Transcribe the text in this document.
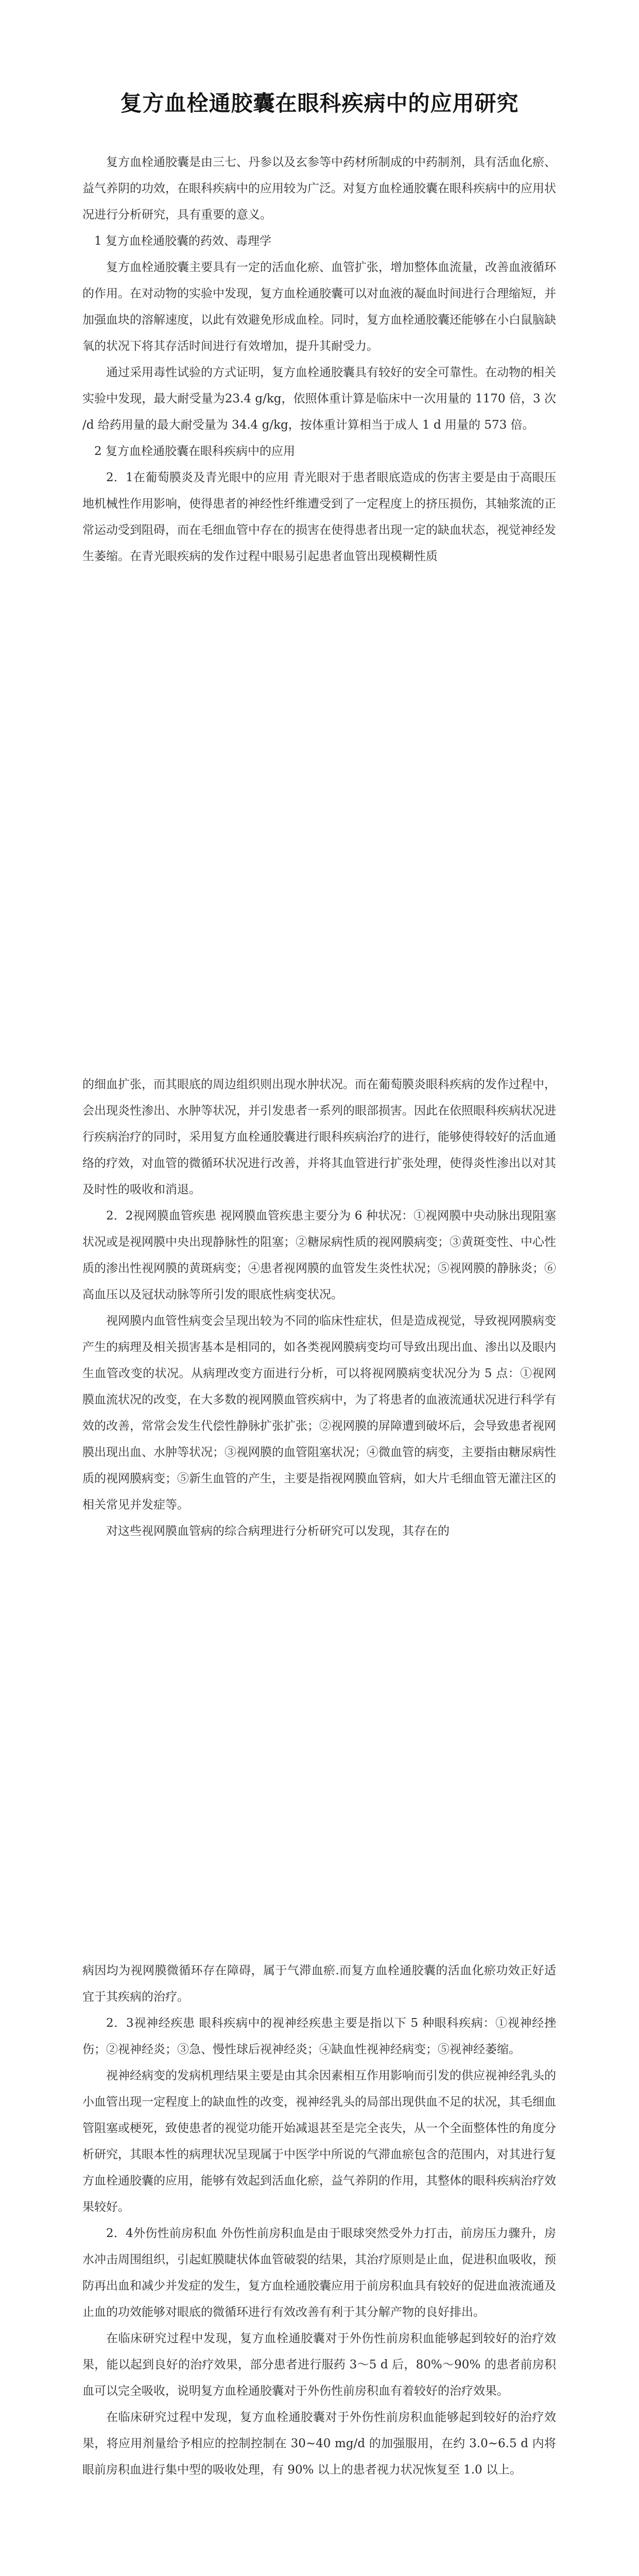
复方血栓通胶囊在眼科疾病中的应用研究

复方血栓通胶囊是由三七、丹参以及玄参等中药材所制成的中药制剂，具有活血化瘀、益气养阴的功效，在眼科疾病中的应用较为广泛。对复方血栓通胶囊在眼科疾病中的应用状况进行分析研究，具有重要的意义。

1 复方血栓通胶囊的药效、毒理学

复方血栓通胶囊主要具有一定的活血化瘀、血管扩张，增加整体血流量，改善血液循环的作用。在对动物的实验中发现，复方血栓通胶囊可以对血液的凝血时间进行合理缩短，并加强血块的溶解速度，以此有效避免形成血栓。同时，复方血栓通胶囊还能够在小白鼠脑缺氧的状况下将其存活时间进行有效增加，提升其耐受力。

通过采用毒性试验的方式证明，复方血栓通胶囊具有较好的安全可靠性。在动物的相关实验中发现，最大耐受量为23.4 g/kg，依照体重计算是临床中一次用量的 1170 倍，3 次 /d 给药用量的最大耐受量为 34.4 g/kg，按体重计算相当于成人 1 d 用量的 573 倍。

2 复方血栓通胶囊在眼科疾病中的应用

2．1在葡萄膜炎及青光眼中的应用 青光眼对于患者眼底造成的伤害主要是由于高眼压地机械性作用影响，使得患者的神经性纤维遭受到了一定程度上的挤压损伤，其轴浆流的正常运动受到阻碍，而在毛细血管中存在的损害在使得患者出现一定的缺血状态，视觉神经发生萎缩。在青光眼疾病的发作过程中眼易引起患者血管出现模糊性质

的细血扩张，而其眼底的周边组织则出现水肿状况。而在葡萄膜炎眼科疾病的发作过程中，会出现炎性渗出、水肿等状况，并引发患者一系列的眼部损害。因此在依照眼科疾病状况进行疾病治疗的同时，采用复方血栓通胶囊进行眼科疾病治疗的进行，能够使得较好的活血通络的疗效，对血管的微循环状况进行改善，并将其血管进行扩张处理，使得炎性渗出以对其及时性的吸收和消退。

2．2视网膜血管疾患 视网膜血管疾患主要分为 6 种状况：①视网膜中央动脉出现阻塞状况或是视网膜中央出现静脉性的阻塞；②糖尿病性质的视网膜病变；③黄斑变性、中心性质的渗出性视网膜的黄斑病变；④患者视网膜的血管发生炎性状况；⑤视网膜的静脉炎；⑥高血压以及冠状动脉等所引发的眼底性病变状况。

视网膜内血管性病变会呈现出较为不同的临床性症状，但是造成视觉，导致视网膜病变产生的病理及相关损害基本是相同的，如各类视网膜病变均可导致出现出血、渗出以及眼内生血管改变的状况。从病理改变方面进行分析，可以将视网膜病变状况分为 5 点：①视网膜血流状况的改变，在大多数的视网膜血管疾病中，为了将患者的血液流通状况进行科学有效的改善，常常会发生代偿性静脉扩张扩张；②视网膜的屏障遭到破坏后，会导致患者视网膜出现出血、水肿等状况；③视网膜的血管阻塞状况；④微血管的病变，主要指由糖尿病性质的视网膜病变；⑤新生血管的产生，主要是指视网膜血管病，如大片毛细血管无灌注区的相关常见并发症等。

对这些视网膜血管病的综合病理进行分析研究可以发现，其存在的

病因均为视网膜微循环存在障碍，属于气滞血瘀.而复方血栓通胶囊的活血化瘀功效正好适宜于其疾病的治疗。

2．3视神经疾患 眼科疾病中的视神经疾患主要是指以下 5 种眼科疾病：①视神经挫伤；②视神经炎；③急、慢性球后视神经炎；④缺血性视神经病变；⑤视神经萎缩。

视神经病变的发病机理结果主要是由其余因素相互作用影响而引发的供应视神经乳头的小血管出现一定程度上的缺血性的改变，视神经乳头的局部出现供血不足的状况，其毛细血管阻塞或梗死，致使患者的视觉功能开始减退甚至是完全丧失，从一个全面整体性的角度分析研究，其眼本性的病理状况呈现属于中医学中所说的气滞血瘀包含的范围内，对其进行复方血栓通胶囊的应用，能够有效起到活血化瘀，益气养阴的作用，其整体的眼科疾病治疗效果较好。

2．4外伤性前房积血 外伤性前房积血是由于眼球突然受外力打击，前房压力骤升，房水冲击周围组织，引起虹膜睫状体血管破裂的结果，其治疗原则是止血，促进积血吸收，预防再出血和减少并发症的发生，复方血栓通胶囊应用于前房积血具有较好的促进血液流通及止血的功效能够对眼底的微循环进行有效改善有利于其分解产物的良好排出。

在临床研究过程中发现，复方血栓通胶囊对于外伤性前房积血能够起到较好的治疗效果，能以起到良好的治疗效果，部分患者进行服药 3～5 d 后，80%～90% 的患者前房积血可以完全吸收，说明复方血栓通胶囊对于外伤性前房积血有着较好的治疗效果。

在临床研究过程中发现，复方血栓通胶囊对于外伤性前房积血能够起到较好的治疗效果，将应用剂量给予相应的控制控制在 30~40 mg/d 的加强服用，在约 3.0~6.5 d 内将眼前房积血进行集中型的吸收处理，有 90% 以上的患者视力状况恢复至 1.0 以上。
